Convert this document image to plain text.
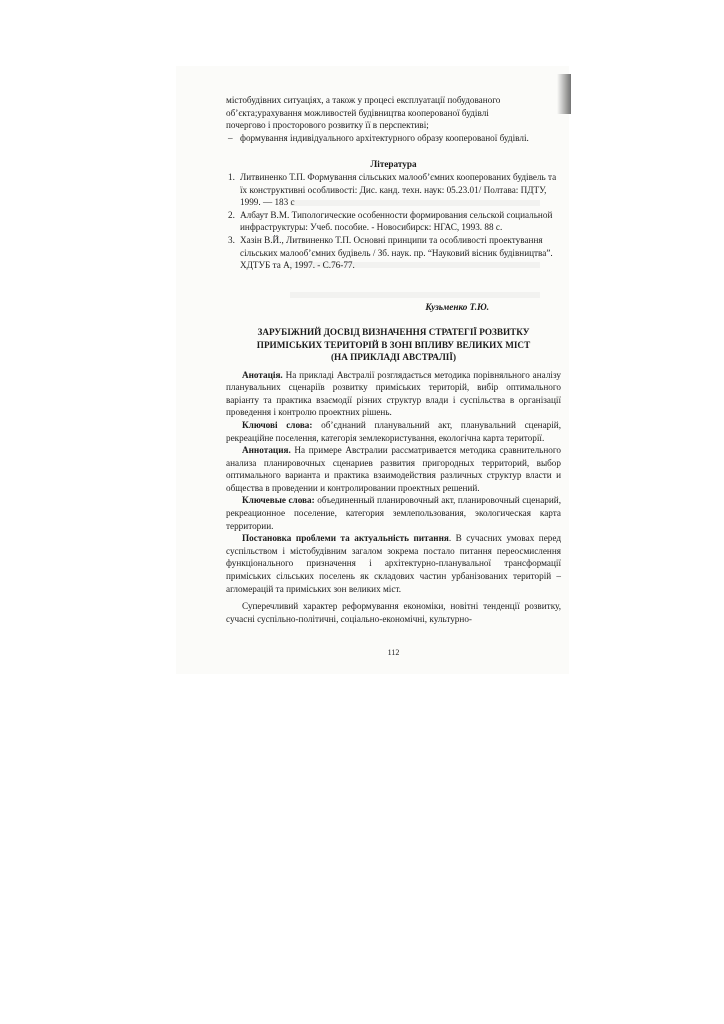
містобудівних ситуаціях, а також у процесі експлуатації побудованого
об’єкта;урахування можливостей будівництва кооперованої будівлі
почергово і просторового розвитку її в перспективі;

– формування індивідуального архітектурного образу кооперованої будівлі.

Література

1. Литвиненко Т.П. Формування сільських малооб’ємних кооперованих будівель та їх конструктивні особливості: Дис. канд. техн. наук: 05.23.01/ Полтава: ПДТУ, 1999. — 183 с
2. Албаут В.М. Типологические особенности формирования сельской социальной инфраструктуры: Учеб. пособие. - Новосибирск: НГАС, 1993. 88 с.
3. Хазін В.Й., Литвиненко Т.П. Основні принципи та особливості проектування сільських малооб’ємних будівель / Зб. наук. пр. “Науковий вісник будівництва”. ХДТУБ та А, 1997. - С.76-77.

Кузьменко Т.Ю.

ЗАРУБІЖНИЙ ДОСВІД ВИЗНАЧЕННЯ СТРАТЕГІЇ РОЗВИТКУ
ПРИМІСЬКИХ ТЕРИТОРІЙ В ЗОНІ ВПЛИВУ ВЕЛИКИХ МІСТ
(НА ПРИКЛАДІ АВСТРАЛІЇ)

Анотація. На прикладі Австралії розглядається методика порівняльного аналізу планувальних сценаріїв розвитку приміських територій, вибір оптимального варіанту та практика взаємодії різних структур влади і суспільства в організації проведення і контролю проектних рішень.

Ключові слова: об’єднаний планувальний акт, планувальний сценарій, рекреаційне поселення, категорія землекористування, екологічна карта території.

Аннотация. На примере Австралии рассматривается методика сравнительного анализа планировочных сценариев развития пригородных территорий, выбор оптимального варианта и практика взаимодействия различных структур власти и общества в проведении и контролировании проектных решений.

Ключевые слова: объединенный планировочный акт, планировочный сценарий, рекреационное поселение, категория землепользования, экологическая карта территории.

Постановка проблеми та актуальність питання. В сучасних умовах перед суспільством і містобудівним загалом зокрема постало питання переосмислення функціонального призначення і архітектурно-планувальної трансформації приміських сільських поселень як складових частин урбанізованих територій – агломерацій та приміських зон великих міст.

Суперечливий характер реформування економіки, новітні тенденції розвитку, сучасні суспільно-політичні, соціально-економічні, культурно-

112
